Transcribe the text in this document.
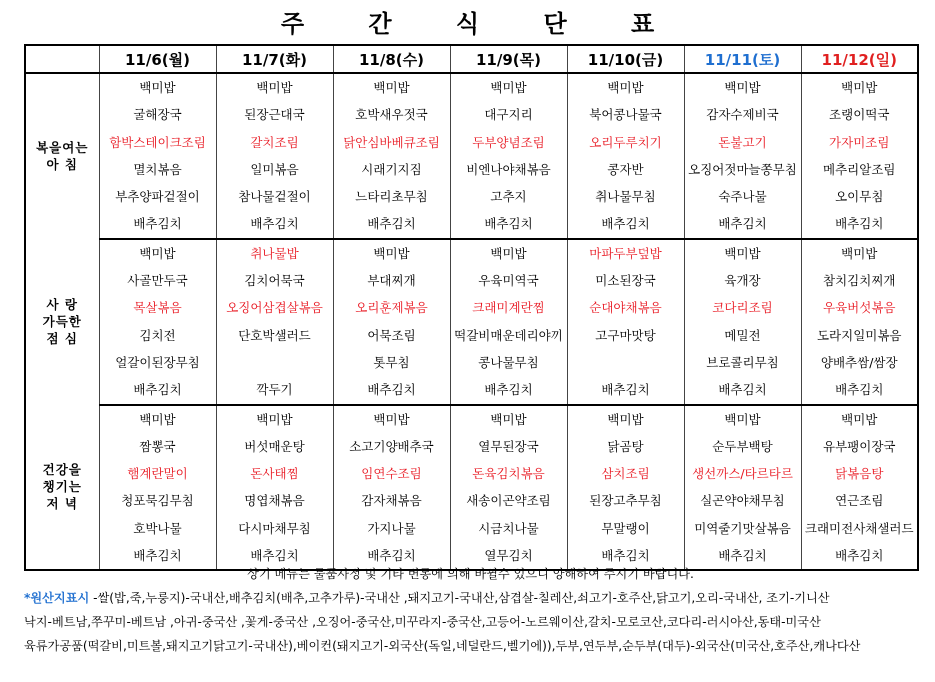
주 간 식 단 표
	11/6(월)	11/7(화)	11/8(수)	11/9(목)	11/10(금)	11/11(토)	11/12(일)

복을여는
아 침	백미밥	백미밥	백미밥	백미밥	백미밥	백미밥	백미밥
	굴해장국	된장근대국	호박새우젓국	대구지리	북어콩나물국	감자수제비국	조랭이떡국
	함박스테이크조림	갈치조림	닭안심바베큐조림	두부양념조림	오리두루치기	돈불고기	가자미조림
	멸치볶음	일미볶음	시래기지짐	비엔나야채볶음	콩자반	오징어젓마늘쫑무침	메추리알조림
	부추양파겉절이	참나물겉절이	느타리초무침	고추지	취나물무침	숙주나물	오이무침
	배추김치	배추김치	배추김치	배추김치	배추김치	배추김치	배추김치

사 랑
가득한
점 심	백미밥	취나물밥	백미밥	백미밥	마파두부덮밥	백미밥	백미밥
	사골만두국	김치어묵국	부대찌개	우육미역국	미소된장국	육개장	참치김치찌개
	목살볶음	오징어삼겹살볶음	오리훈제볶음	크래미계란찜	순대야채볶음	코다리조림	우육버섯볶음
	김치전	단호박샐러드	어묵조림	떡갈비매운데리야끼	고구마맛탕	메밀전	도라지일미볶음
	얼갈이된장무침		톳무침	콩나물무침		브로콜리무침	양배추쌈/쌈장
	배추김치	깍두기	배추김치	배추김치	배추김치	배추김치	배추김치

건강을
챙기는
저 녁	백미밥	백미밥	백미밥	백미밥	백미밥	백미밥	백미밥
	짬뽕국	버섯매운탕	소고기양배추국	열무된장국	닭곰탕	순두부백탕	유부팽이장국
	햄계란말이	돈사태찜	임연수조림	돈육김치볶음	삼치조림	생선까스/타르타르	닭볶음탕
	청포묵김무침	명엽채볶음	감자채볶음	새송이곤약조림	된장고추무침	실곤약야채무침	연근조림
	호박나물	다시마채무침	가지나물	시금치나물	무말랭이	미역줄기맛살볶음	크래미전사채샐러드
	배추김치	배추김치	배추김치	열무김치	배추김치	배추김치	배추김치
상기 메뉴는 물품사정 및 기타 변동에 의해 바뀔수 있으니 양해하여 주시기 바랍니다.
*원산지표시 -쌀(밥,죽,누룽지)-국내산,배추김치(배추,고추가루)-국내산 ,돼지고기-국내산,삼겹살-칠레산,쇠고기-호주산,닭고기,오리-국내산, 조기-기니산
낙지-베트남,쭈꾸미-베트남 ,아귀-중국산 ,꽃게-중국산 ,오징어-중국산,미꾸라지-중국산,고등어-노르웨이산,갈치-모로코산,코다리-러시아산,동태-미국산
육류가공품(떡갈비,미트볼,돼지고기닭고기-국내산),베이컨(돼지고기-외국산(독일,네덜란드,벨기에)),두부,연두부,순두부(대두)-외국산(미국산,호주산,캐나다산
